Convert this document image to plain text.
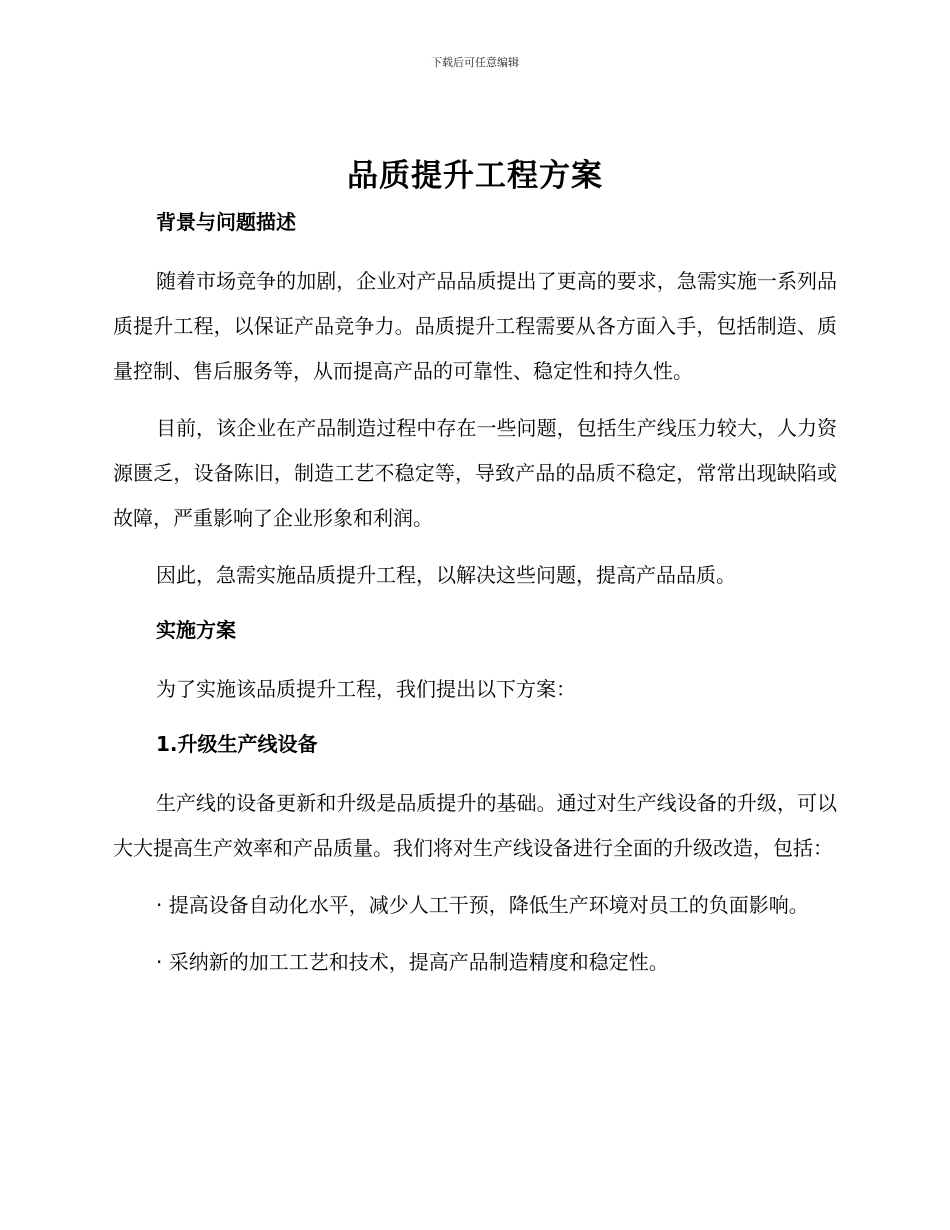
下载后可任意编辑
品质提升工程方案
背景与问题描述

随着市场竞争的加剧，企业对产品品质提出了更高的要求，急需实施一系列品质提升工程，以保证产品竞争力。品质提升工程需要从各方面入手，包括制造、质量控制、售后服务等，从而提高产品的可靠性、稳定性和持久性。

目前，该企业在产品制造过程中存在一些问题，包括生产线压力较大，人力资源匮乏，设备陈旧，制造工艺不稳定等，导致产品的品质不稳定，常常出现缺陷或故障，严重影响了企业形象和利润。

因此，急需实施品质提升工程，以解决这些问题，提高产品品质。

实施方案

为了实施该品质提升工程，我们提出以下方案：

1.升级生产线设备

生产线的设备更新和升级是品质提升的基础。通过对生产线设备的升级，可以大大提高生产效率和产品质量。我们将对生产线设备进行全面的升级改造，包括：

· 提高设备自动化水平，减少人工干预，降低生产环境对员工的负面影响。

· 采纳新的加工工艺和技术，提高产品制造精度和稳定性。
